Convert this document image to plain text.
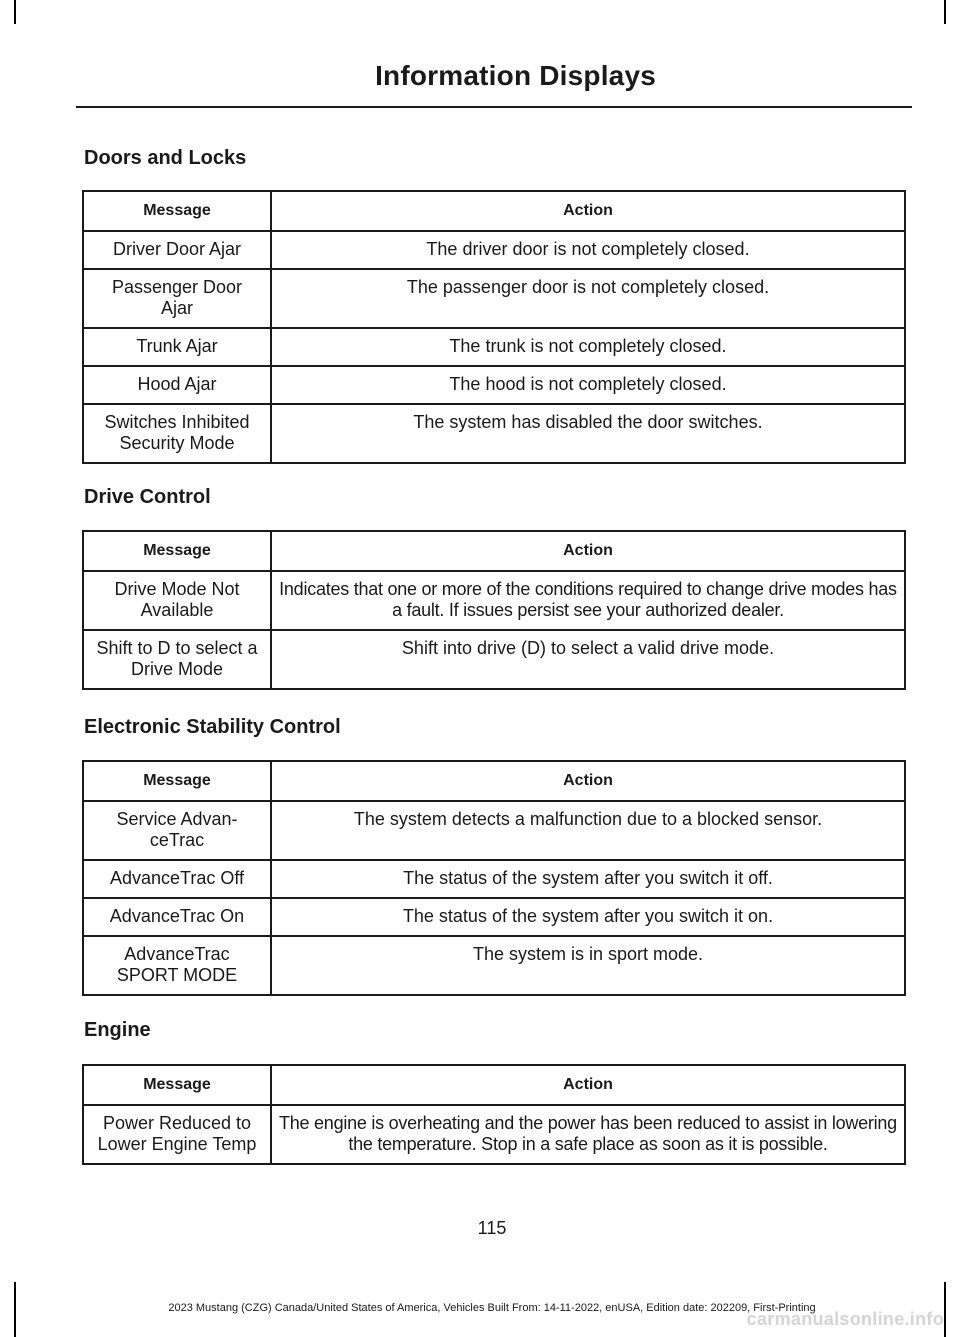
Information Displays
Doors and Locks
Message	Action
Driver Door Ajar	The driver door is not completely closed.
Passenger Door Ajar	The passenger door is not completely closed.
Trunk Ajar	The trunk is not completely closed.
Hood Ajar	The hood is not completely closed.
Switches Inhibited Security Mode	The system has disabled the door switches.
Drive Control
Message	Action
Drive Mode Not Available	Indicates that one or more of the conditions required to change drive modes has a fault. If issues persist see your authorized dealer.
Shift to D to select a Drive Mode	Shift into drive (D) to select a valid drive mode.
Electronic Stability Control
Message	Action
Service Advan-ceTrac	The system detects a malfunction due to a blocked sensor.
AdvanceTrac Off	The status of the system after you switch it off.
AdvanceTrac On	The status of the system after you switch it on.
AdvanceTrac SPORT MODE	The system is in sport mode.
Engine
Message	Action
Power Reduced to Lower Engine Temp	The engine is overheating and the power has been reduced to assist in lowering the temperature. Stop in a safe place as soon as it is possible.
115
2023 Mustang (CZG) Canada/United States of America, Vehicles Built From: 14-11-2022, enUSA, Edition date: 202209, First-Printing
carmanualsonline.info
